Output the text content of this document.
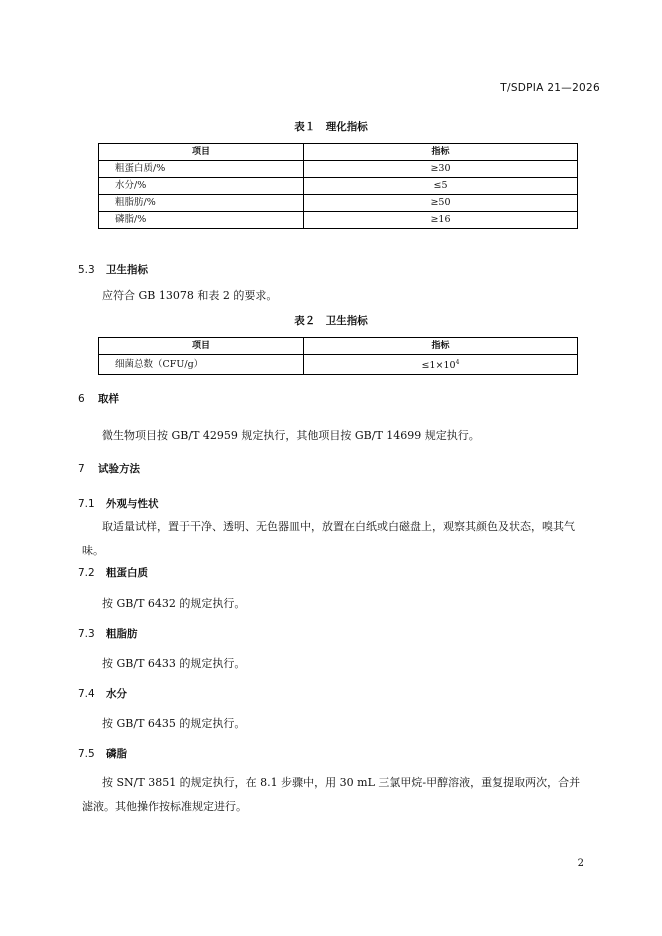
T/SDPIA 21—2026
表１　理化指标
项目	指标
粗蛋白质/%	≥30
水分/%	≤5
粗脂肪/%	≥50
磷脂/%	≥16
5.3 卫生指标
应符合 GB 13078 和表 2 的要求。
表２　卫生指标
项目	指标
细菌总数（CFU/g）	$\le 1\times 10^4$
6 取样
微生物项目按 GB/T 42959 规定执行，其他项目按 GB/T 14699 规定执行。
7 试验方法
7.1 外观与性状
取适量试样，置于干净、透明、无色器皿中，放置在白纸或白磁盘上，观察其颜色及状态，嗅其气味。
7.2 粗蛋白质
按 GB/T 6432 的规定执行。
7.3 粗脂肪
按 GB/T 6433 的规定执行。
7.4 水分
按 GB/T 6435 的规定执行。
7.5 磷脂
按 SN/T 3851 的规定执行，在 8.1 步骤中，用 30 mL 三氯甲烷-甲醇溶液，重复提取两次，合并滤液。其他操作按标准规定进行。
2
